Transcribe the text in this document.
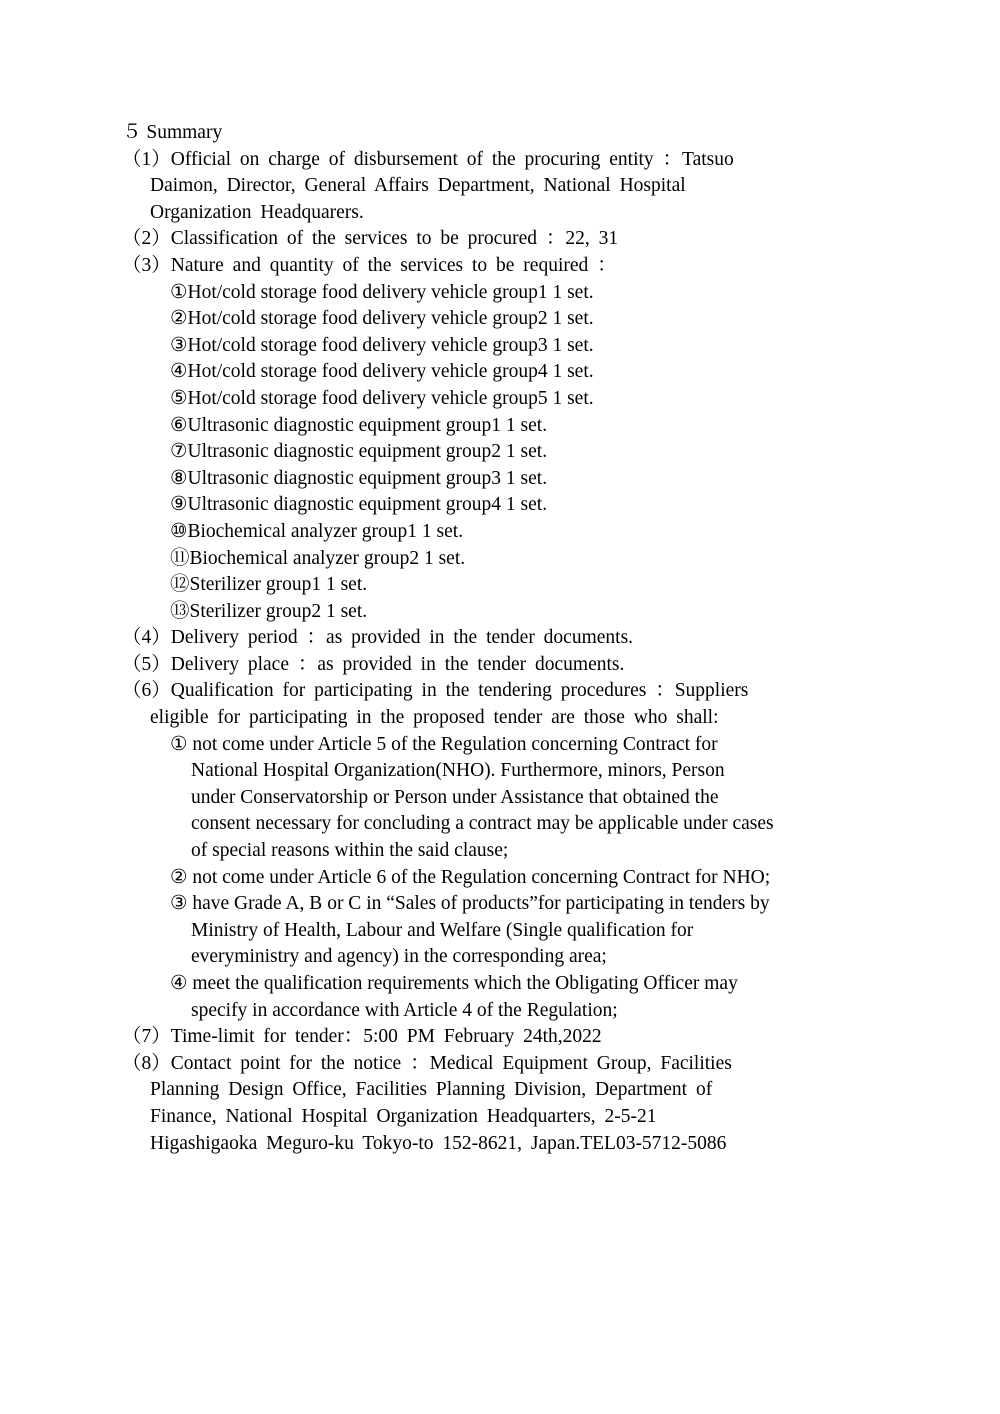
５ Summary
（1）Official on charge of disbursement of the procuring entity ：Tatsuo
Daimon, Director, General Affairs Department, National Hospital
Organization Headquarers.
（2）Classification of the services to be procured ：22, 31
（3）Nature and quantity of the services to be required ：
①Hot/cold storage food delivery vehicle group1 1 set.
②Hot/cold storage food delivery vehicle group2 1 set.
③Hot/cold storage food delivery vehicle group3 1 set.
④Hot/cold storage food delivery vehicle group4 1 set.
⑤Hot/cold storage food delivery vehicle group5 1 set.
⑥Ultrasonic diagnostic equipment group1 1 set.
⑦Ultrasonic diagnostic equipment group2 1 set.
⑧Ultrasonic diagnostic equipment group3 1 set.
⑨Ultrasonic diagnostic equipment group4 1 set.
⑩Biochemical analyzer group1 1 set.
⑪Biochemical analyzer group2 1 set.
⑫Sterilizer group1 1 set.
⑬Sterilizer group2 1 set.
（4）Delivery period ：as provided in the tender documents.
（5）Delivery place ：as provided in the tender documents.
（6）Qualification for participating in the tendering procedures ：Suppliers
eligible for participating in the proposed tender are those who shall:
① not come under Article 5 of the Regulation concerning Contract for
National Hospital Organization(NHO). Furthermore, minors, Person
under Conservatorship or Person under Assistance that obtained the
consent necessary for concluding a contract may be applicable under cases
of special reasons within the said clause;
② not come under Article 6 of the Regulation concerning Contract for NHO;
③ have Grade A, B or C in “Sales of products”for participating in tenders by
Ministry of Health, Labour and Welfare (Single qualification for
everyministry and agency) in the corresponding area;
④ meet the qualification requirements which the Obligating Officer may
specify in accordance with Article 4 of the Regulation;
（7）Time-limit for tender：5:00 PM February 24th,2022
（8）Contact point for the notice ：Medical Equipment Group, Facilities
Planning Design Office, Facilities Planning Division, Department of
Finance, National Hospital Organization Headquarters, 2-5-21
Higashigaoka Meguro-ku Tokyo-to 152-8621, Japan.TEL03-5712-5086
